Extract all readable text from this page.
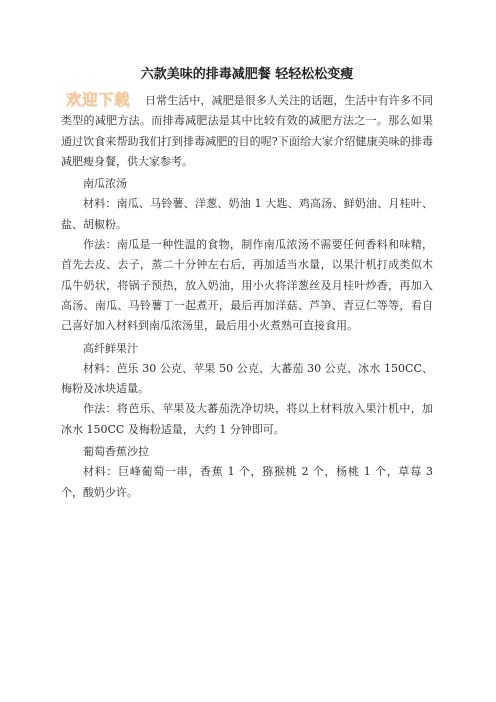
六款美味的排毒减肥餐 轻轻松松变瘦
欢迎下载	日常生活中，减肥是很多人关注的话题，生活中有许多不同类型的减肥方法。而排毒减肥法是其中比较有效的减肥方法之一。那么如果通过饮食来帮助我们打到排毒减肥的目的呢?下面给大家介绍健康美味的排毒减肥瘦身餐，供大家参考。

南瓜浓汤

材料：南瓜、马铃薯、洋葱、奶油 1 大匙、鸡高汤、鲜奶油、月桂叶、盐、胡椒粉。

作法：南瓜是一种性温的食物，制作南瓜浓汤不需要任何香料和味精，首先去皮、去子，蒸二十分钟左右后，再加适当水量，以果汁机打成类似木瓜牛奶状，将锅子预热，放入奶油，用小火将洋葱丝及月桂叶炒香，再加入高汤、南瓜、马铃薯丁一起煮开，最后再加洋菇、芦笋、青豆仁等等，看自己喜好加入材料到南瓜浓汤里，最后用小火煮熟可直接食用。

高纤鲜果汁

材料：芭乐 30 公克、苹果 50 公克、大蕃茄 30 公克、冰水 150CC、梅粉及冰块适量。

作法：将芭乐、苹果及大蕃茄洗净切块，将以上材料放入果汁机中，加冰水 150CC 及梅粉适量，大约 1 分钟即可。

葡萄香蕉沙拉

材料：巨峰葡萄一串，香蕉 1 个，猕猴桃 2 个，杨桃 1 个，草莓 3 个，酸奶少许。
